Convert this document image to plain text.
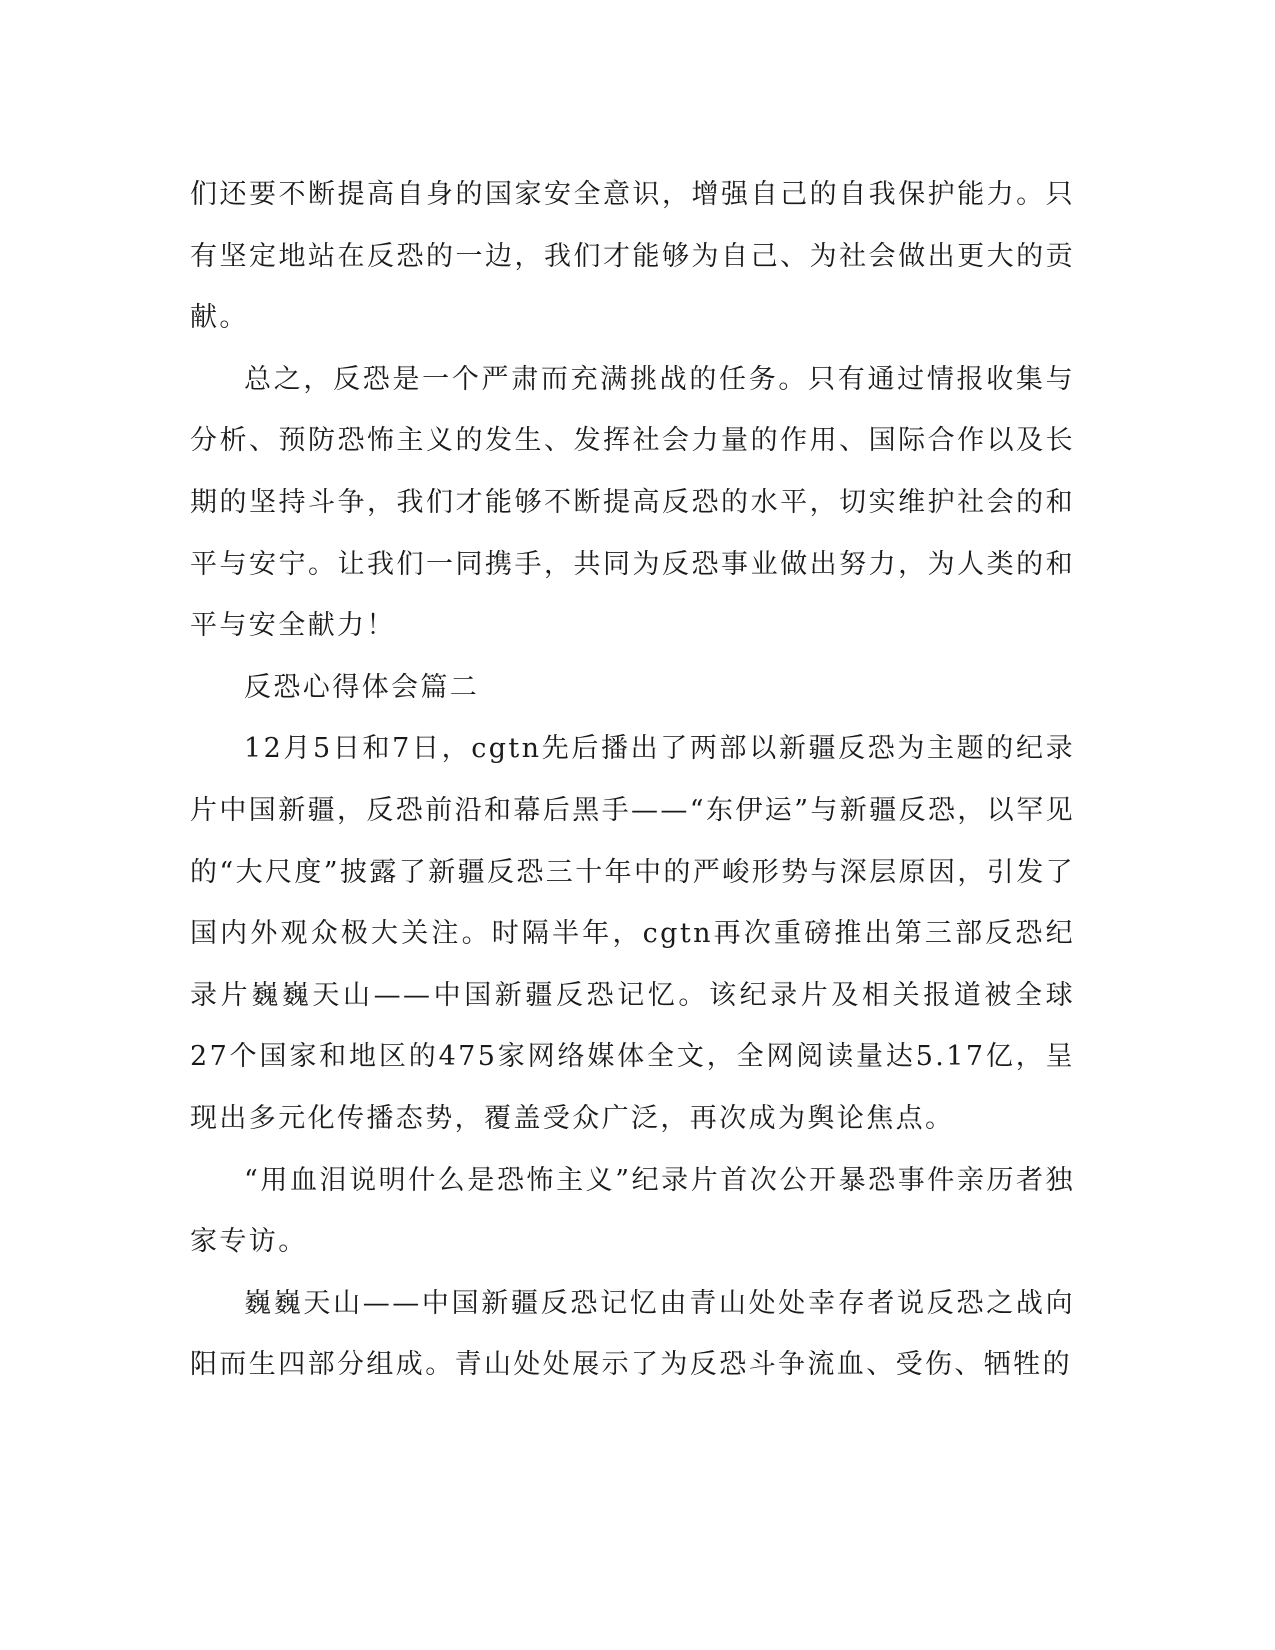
们还要不断提高自身的国家安全意识，增强自己的自我保护能力。只有坚定地站在反恐的一边，我们才能够为自己、为社会做出更大的贡献。

总之，反恐是一个严肃而充满挑战的任务。只有通过情报收集与分析、预防恐怖主义的发生、发挥社会力量的作用、国际合作以及长期的坚持斗争，我们才能够不断提高反恐的水平，切实维护社会的和平与安宁。让我们一同携手，共同为反恐事业做出努力，为人类的和平与安全献力！

反恐心得体会篇二

12月5日和7日，cgtn先后播出了两部以新疆反恐为主题的纪录片中国新疆，反恐前沿和幕后黑手——“东伊运”与新疆反恐，以罕见的“大尺度”披露了新疆反恐三十年中的严峻形势与深层原因，引发了国内外观众极大关注。时隔半年，cgtn再次重磅推出第三部反恐纪录片巍巍天山——中国新疆反恐记忆。该纪录片及相关报道被全球27个国家和地区的475家网络媒体全文，全网阅读量达5.17亿，呈现出多元化传播态势，覆盖受众广泛，再次成为舆论焦点。

“用血泪说明什么是恐怖主义”纪录片首次公开暴恐事件亲历者独家专访。

巍巍天山——中国新疆反恐记忆由青山处处幸存者说反恐之战向阳而生四部分组成。青山处处展示了为反恐斗争流血、受伤、牺牲的
